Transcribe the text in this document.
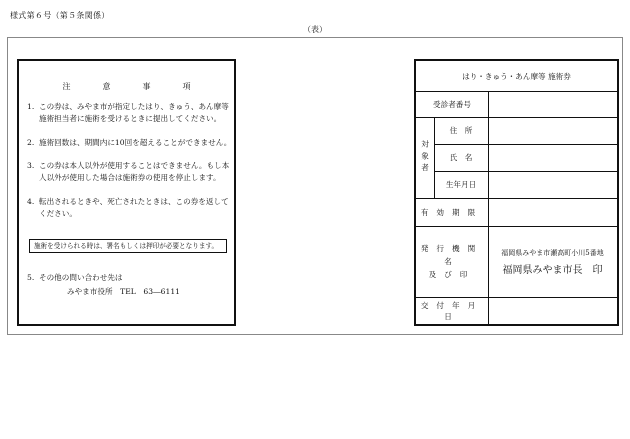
様式第６号（第５条関係）
（表）
注　意　事　項
1. この券は、みやま市が指定したはり、きゅう、あん摩等施術担当者に施術を受けるときに提出してください。
2. 施術回数は、期間内に10回を超えることができません。
3. この券は本人以外が使用することはできません。もし本人以外が使用した場合は施術券の使用を停止します。
4. 転出されるときや、死亡されたときは、この券を返してください。
施術を受けられる時は、署名もしくは押印が必要となります。
5. その他の問い合わせ先は
みやま市役所　TEL　63―6111
はり・きゅう・あん摩等 施術券
受診者番号
対象者
住　所
氏　名
生年月日
有効期限
発行機関名
及び印
福岡県みやま市瀬高町小川5番地
福岡県みやま市長　印
交付年月日
